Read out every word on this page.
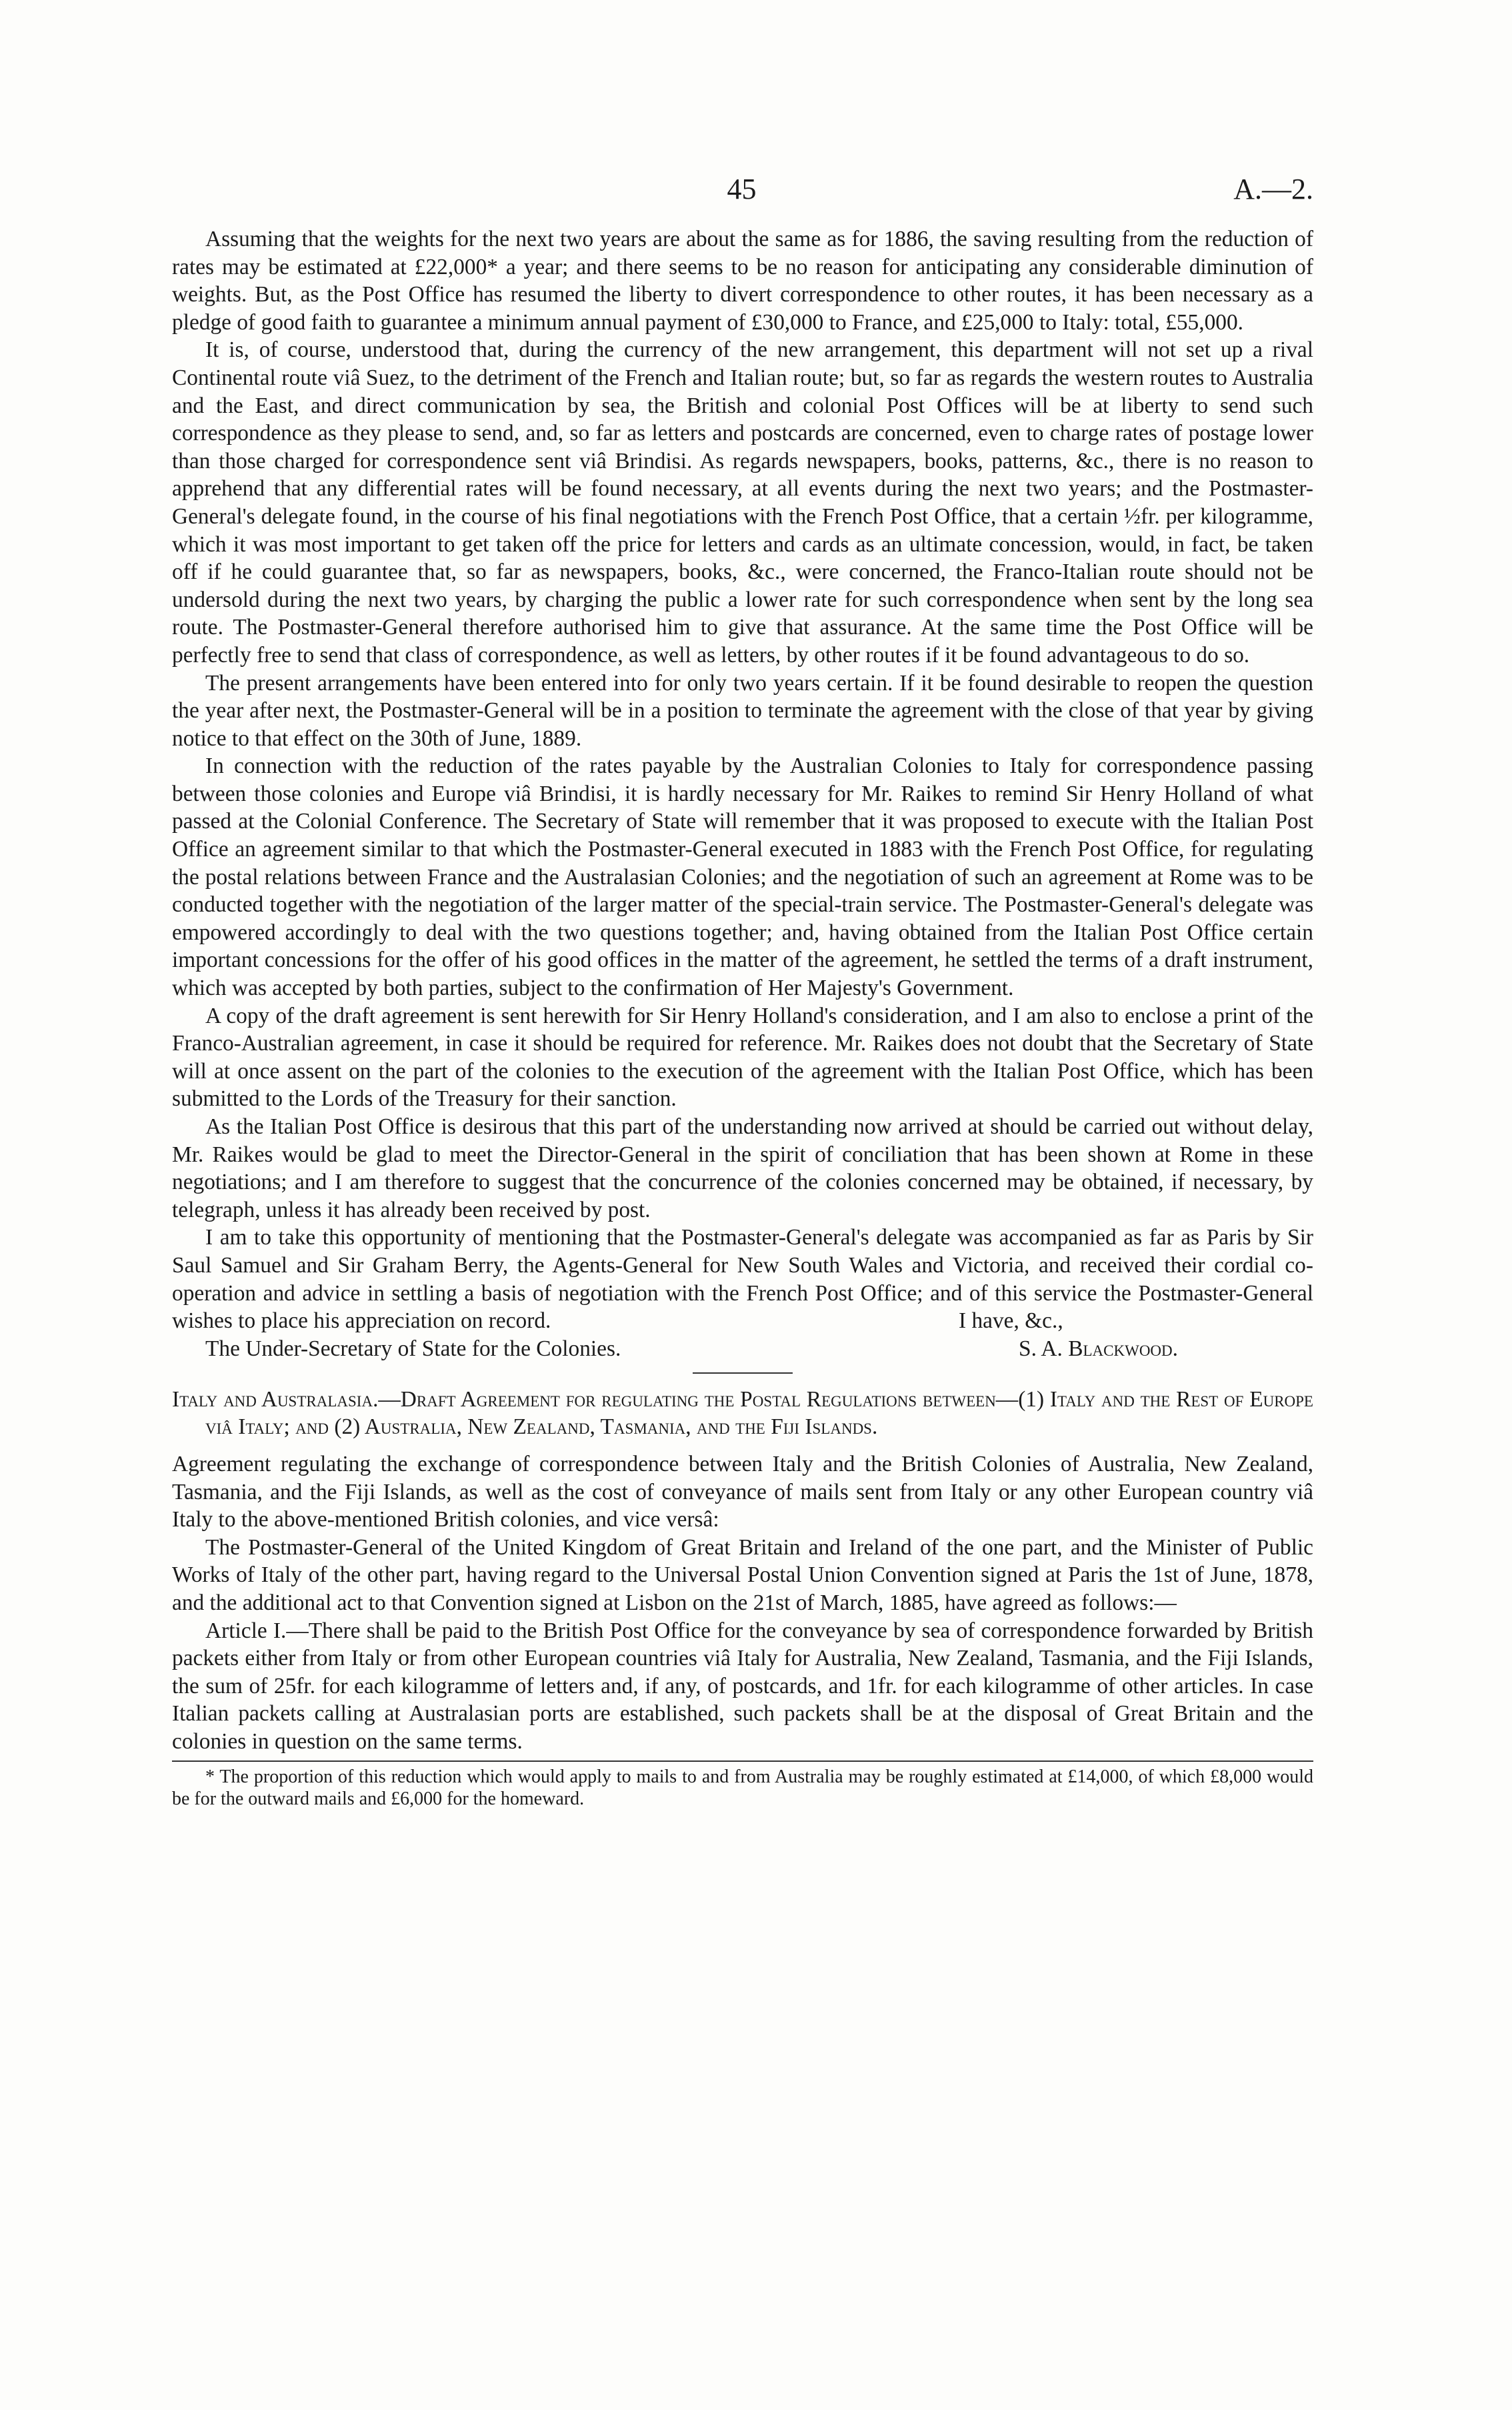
45	A.—2.

Assuming that the weights for the next two years are about the same as for 1886, the saving resulting from the reduction of rates may be estimated at £22,000* a year; and there seems to be no reason for anticipating any considerable diminution of weights. But, as the Post Office has resumed the liberty to divert correspondence to other routes, it has been necessary as a pledge of good faith to guarantee a minimum annual payment of £30,000 to France, and £25,000 to Italy: total, £55,000.

It is, of course, understood that, during the currency of the new arrangement, this department will not set up a rival Continental route viâ Suez, to the detriment of the French and Italian route; but, so far as regards the western routes to Australia and the East, and direct communication by sea, the British and colonial Post Offices will be at liberty to send such correspondence as they please to send, and, so far as letters and postcards are concerned, even to charge rates of postage lower than those charged for correspondence sent viâ Brindisi. As regards newspapers, books, patterns, &c., there is no reason to apprehend that any differential rates will be found necessary, at all events during the next two years; and the Postmaster-General's delegate found, in the course of his final negotiations with the French Post Office, that a certain ½fr. per kilogramme, which it was most important to get taken off the price for letters and cards as an ultimate concession, would, in fact, be taken off if he could guarantee that, so far as newspapers, books, &c., were concerned, the Franco-Italian route should not be undersold during the next two years, by charging the public a lower rate for such correspondence when sent by the long sea route. The Postmaster-General therefore authorised him to give that assurance. At the same time the Post Office will be perfectly free to send that class of correspondence, as well as letters, by other routes if it be found advantageous to do so.

The present arrangements have been entered into for only two years certain. If it be found desirable to reopen the question the year after next, the Postmaster-General will be in a position to terminate the agreement with the close of that year by giving notice to that effect on the 30th of June, 1889.

In connection with the reduction of the rates payable by the Australian Colonies to Italy for correspondence passing between those colonies and Europe viâ Brindisi, it is hardly necessary for Mr. Raikes to remind Sir Henry Holland of what passed at the Colonial Conference. The Secretary of State will remember that it was proposed to execute with the Italian Post Office an agreement similar to that which the Postmaster-General executed in 1883 with the French Post Office, for regulating the postal relations between France and the Australasian Colonies; and the negotiation of such an agreement at Rome was to be conducted together with the negotiation of the larger matter of the special-train service. The Postmaster-General's delegate was empowered accordingly to deal with the two questions together; and, having obtained from the Italian Post Office certain important concessions for the offer of his good offices in the matter of the agreement, he settled the terms of a draft instrument, which was accepted by both parties, subject to the confirmation of Her Majesty's Government.

A copy of the draft agreement is sent herewith for Sir Henry Holland's consideration, and I am also to enclose a print of the Franco-Australian agreement, in case it should be required for reference. Mr. Raikes does not doubt that the Secretary of State will at once assent on the part of the colonies to the execution of the agreement with the Italian Post Office, which has been submitted to the Lords of the Treasury for their sanction.

As the Italian Post Office is desirous that this part of the understanding now arrived at should be carried out without delay, Mr. Raikes would be glad to meet the Director-General in the spirit of conciliation that has been shown at Rome in these negotiations; and I am therefore to suggest that the concurrence of the colonies concerned may be obtained, if necessary, by telegraph, unless it has already been received by post.

I am to take this opportunity of mentioning that the Postmaster-General's delegate was accompanied as far as Paris by Sir Saul Samuel and Sir Graham Berry, the Agents-General for New South Wales and Victoria, and received their cordial co-operation and advice in settling a basis of negotiation with the French Post Office; and of this service the Postmaster-General wishes to place his appreciation on record.	I have, &c.,
The Under-Secretary of State for the Colonies.	S. A. Blackwood.

Italy and Australasia.—Draft Agreement for regulating the Postal Regulations between—(1) Italy and the Rest of Europe viâ Italy; and (2) Australia, New Zealand, Tasmania, and the Fiji Islands.

Agreement regulating the exchange of correspondence between Italy and the British Colonies of Australia, New Zealand, Tasmania, and the Fiji Islands, as well as the cost of conveyance of mails sent from Italy or any other European country viâ Italy to the above-mentioned British colonies, and vice versâ:

The Postmaster-General of the United Kingdom of Great Britain and Ireland of the one part, and the Minister of Public Works of Italy of the other part, having regard to the Universal Postal Union Convention signed at Paris the 1st of June, 1878, and the additional act to that Convention signed at Lisbon on the 21st of March, 1885, have agreed as follows:—

Article I.—There shall be paid to the British Post Office for the conveyance by sea of correspondence forwarded by British packets either from Italy or from other European countries viâ Italy for Australia, New Zealand, Tasmania, and the Fiji Islands, the sum of 25fr. for each kilogramme of letters and, if any, of postcards, and 1fr. for each kilogramme of other articles. In case Italian packets calling at Australasian ports are established, such packets shall be at the disposal of Great Britain and the colonies in question on the same terms.

* The proportion of this reduction which would apply to mails to and from Australia may be roughly estimated at £14,000, of which £8,000 would be for the outward mails and £6,000 for the homeward.
